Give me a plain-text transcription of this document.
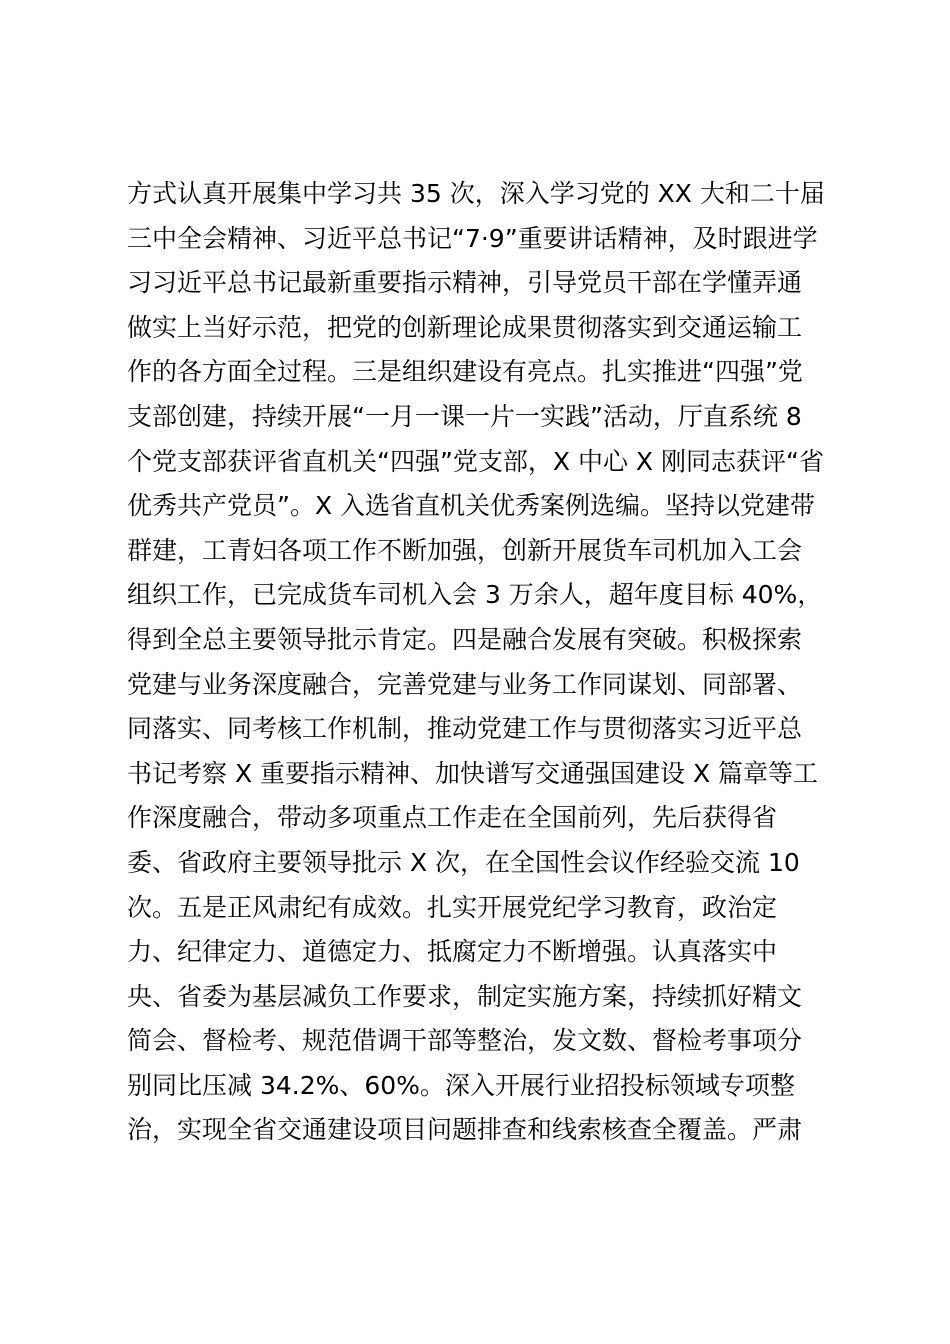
方式认真开展集中学习共 35 次，深入学习党的 XX 大和二十届
三中全会精神、习近平总书记“7·9”重要讲话精神，及时跟进学
习习近平总书记最新重要指示精神，引导党员干部在学懂弄通
做实上当好示范，把党的创新理论成果贯彻落实到交通运输工
作的各方面全过程。三是组织建设有亮点。扎实推进“四强”党
支部创建，持续开展“一月一课一片一实践”活动，厅直系统 8
个党支部获评省直机关“四强”党支部，X 中心 X 刚同志获评“省
优秀共产党员”。X 入选省直机关优秀案例选编。坚持以党建带
群建，工青妇各项工作不断加强，创新开展货车司机加入工会
组织工作，已完成货车司机入会 3 万余人，超年度目标 40%，
得到全总主要领导批示肯定。四是融合发展有突破。积极探索
党建与业务深度融合，完善党建与业务工作同谋划、同部署、
同落实、同考核工作机制，推动党建工作与贯彻落实习近平总
书记考察 X 重要指示精神、加快谱写交通强国建设 X 篇章等工
作深度融合，带动多项重点工作走在全国前列，先后获得省
委、省政府主要领导批示 X 次，在全国性会议作经验交流 10
次。五是正风肃纪有成效。扎实开展党纪学习教育，政治定
力、纪律定力、道德定力、抵腐定力不断增强。认真落实中
央、省委为基层减负工作要求，制定实施方案，持续抓好精文
简会、督检考、规范借调干部等整治，发文数、督检考事项分
别同比压减 34.2%、60%。深入开展行业招投标领域专项整
治，实现全省交通建设项目问题排查和线索核查全覆盖。严肃
